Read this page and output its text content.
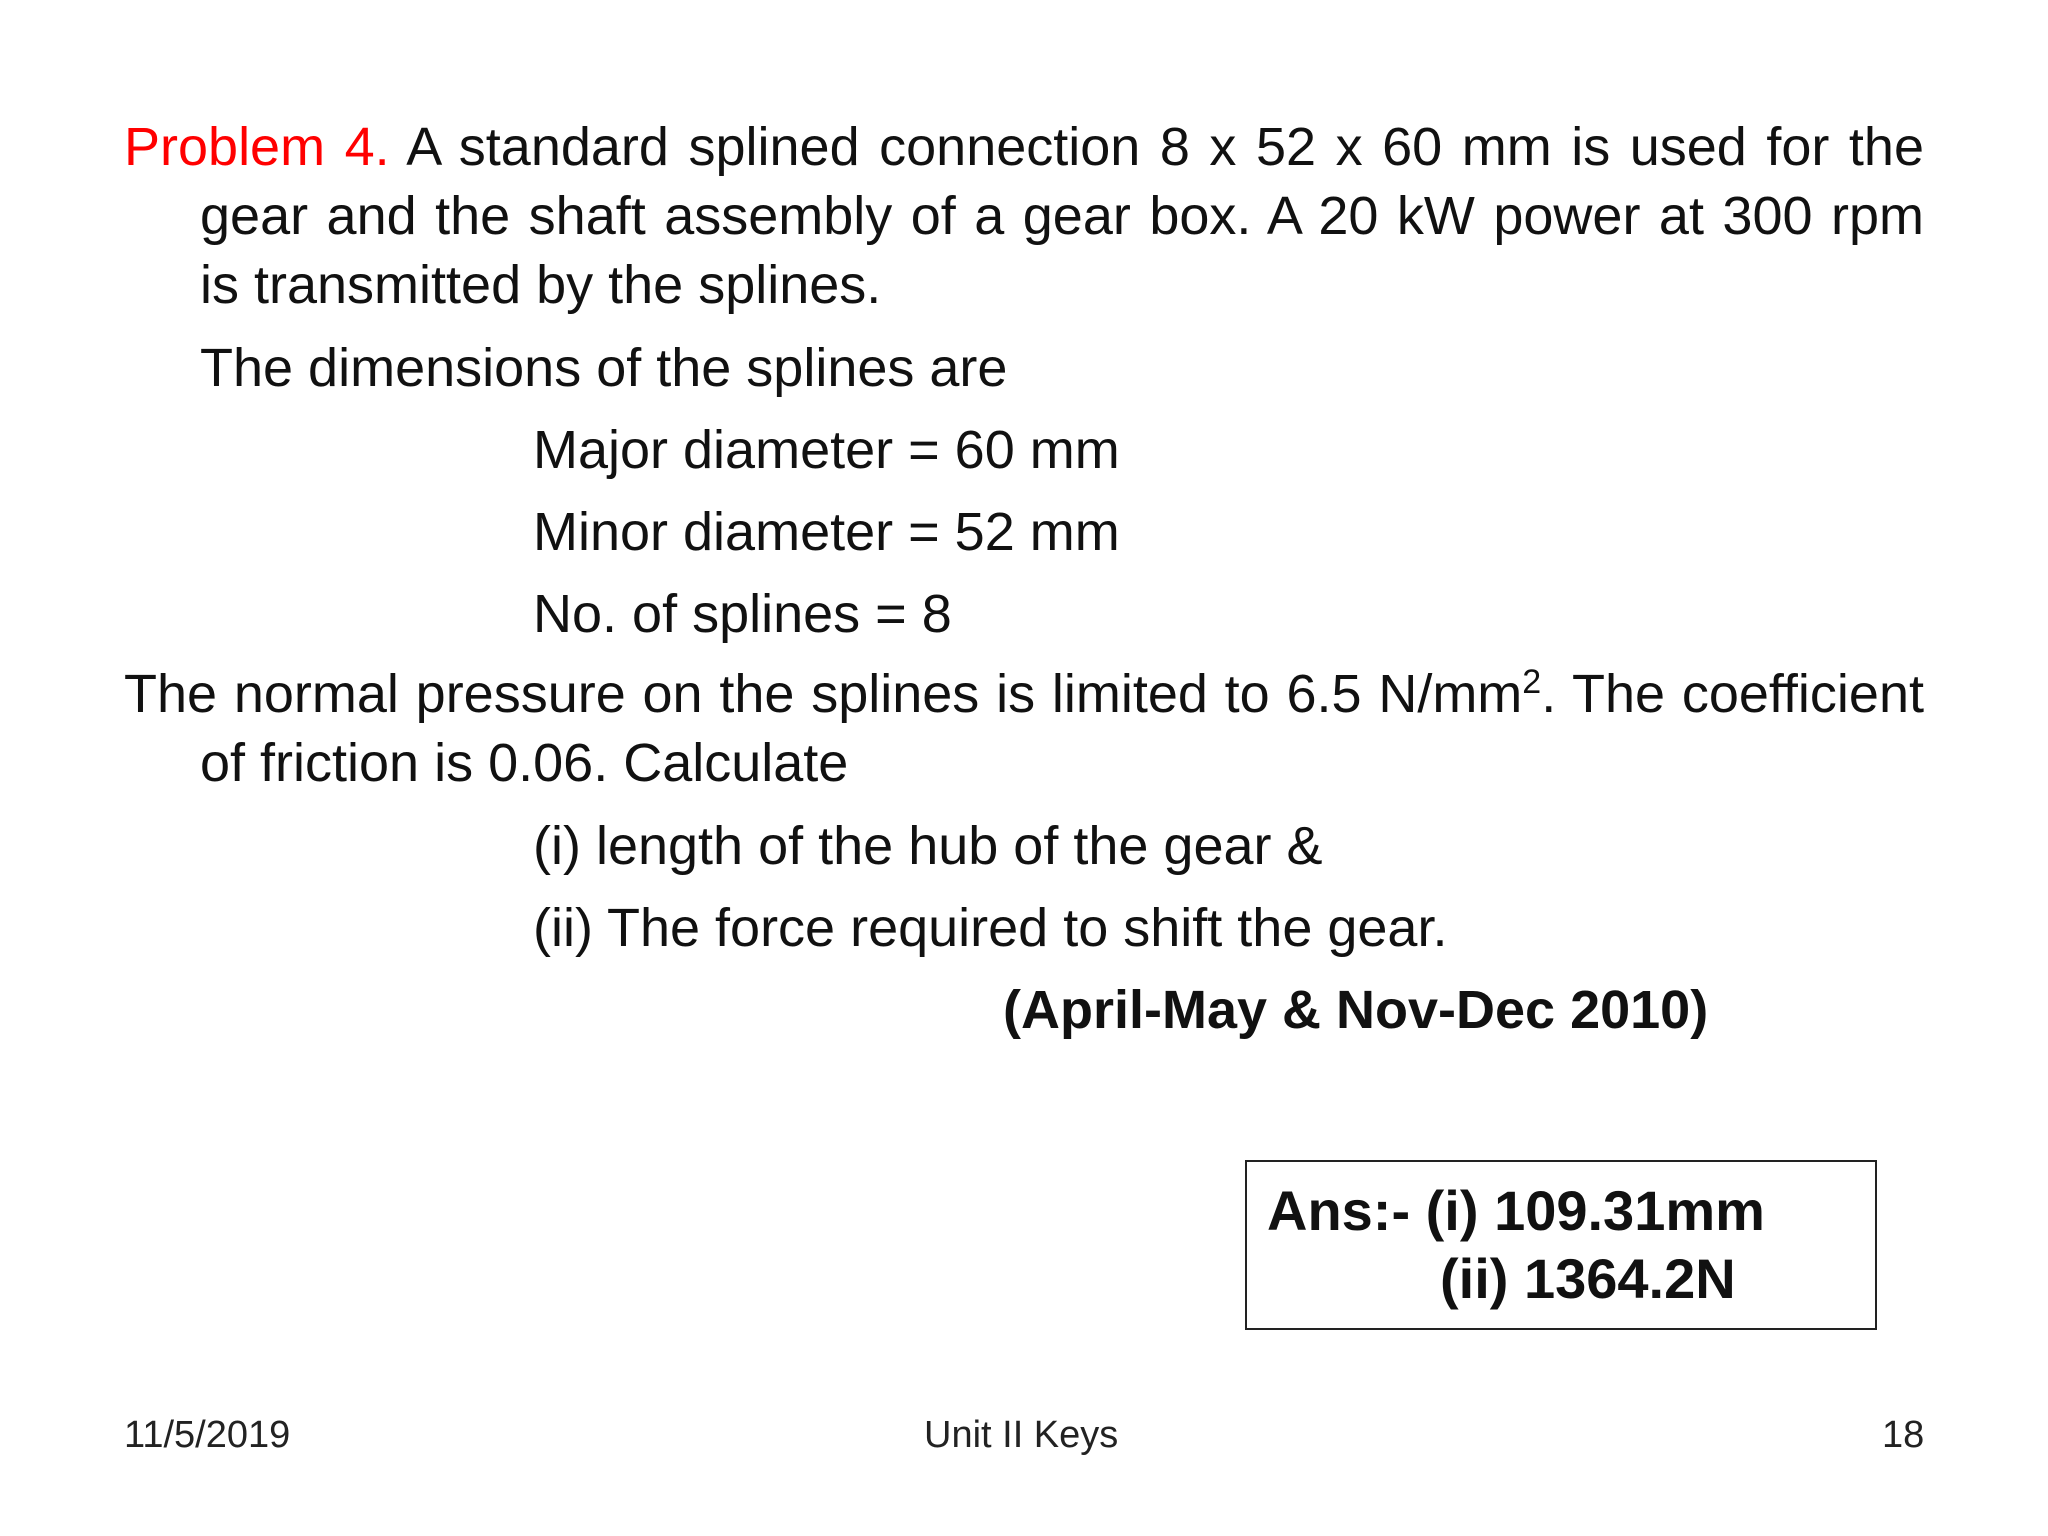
Problem 4. A standard splined connection 8 x 52 x 60 mm is used for the gear and the shaft assembly of a gear box. A 20 kW power at 300 rpm is transmitted by the splines.
The dimensions of the splines are
Major diameter = 60 mm
Minor diameter = 52 mm
No. of splines = 8
The normal pressure on the splines is limited to 6.5 $N/mm^2$. The coefficient of friction is 0.06. Calculate
(i) length of the hub of the gear &
(ii) The force required to shift the gear.
(April-May & Nov-Dec 2010)
Ans:- (i) 109.31mm
(ii) 1364.2N
11/5/2019	Unit II Keys	18
